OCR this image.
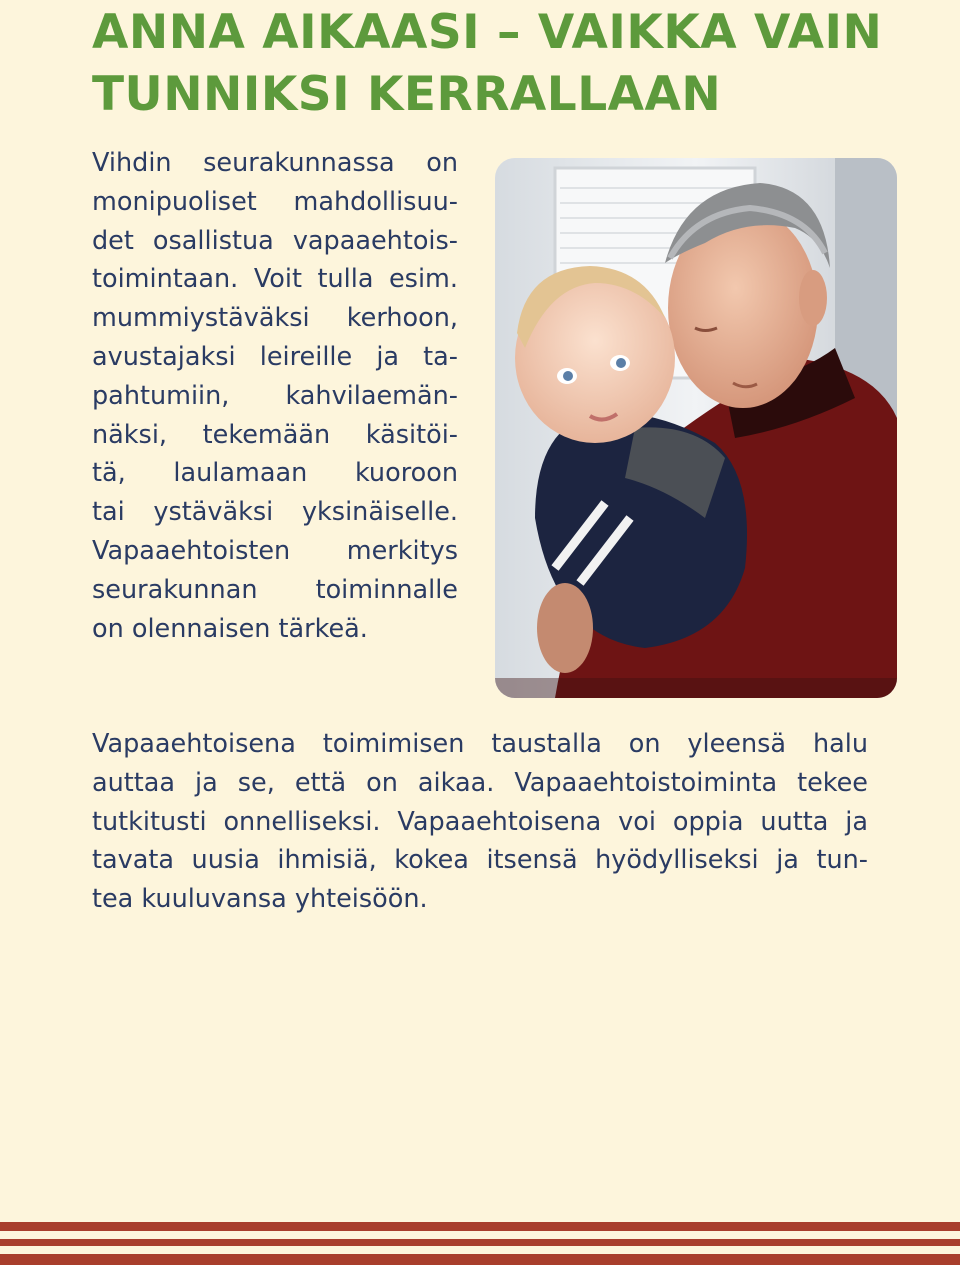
ANNA AIKAASI – VAIKKA VAIN
TUNNIKSI KERRALLAAN
Vihdin seurakunnassa on
monipuoliset mahdollisuu-
det osallistua vapaaehtois-
toimintaan. Voit tulla esim.
mummiystäväksi kerhoon,
avustajaksi leireille ja ta-
pahtumiin, kahvilaemän-
näksi, tekemään käsitöi-
tä, laulamaan kuoroon
tai ystäväksi yksinäiselle.
Vapaaehtoisten merkitys
seurakunnan toiminnalle
on olennaisen tärkeä.
Vapaaehtoisena toimimisen taustalla on yleensä halu
auttaa ja se, että on aikaa. Vapaaehtoistoiminta tekee
tutkitusti onnelliseksi. Vapaaehtoisena voi oppia uutta ja
tavata uusia ihmisiä, kokea itsensä hyödylliseksi ja tun-
tea kuuluvansa yhteisöön.
